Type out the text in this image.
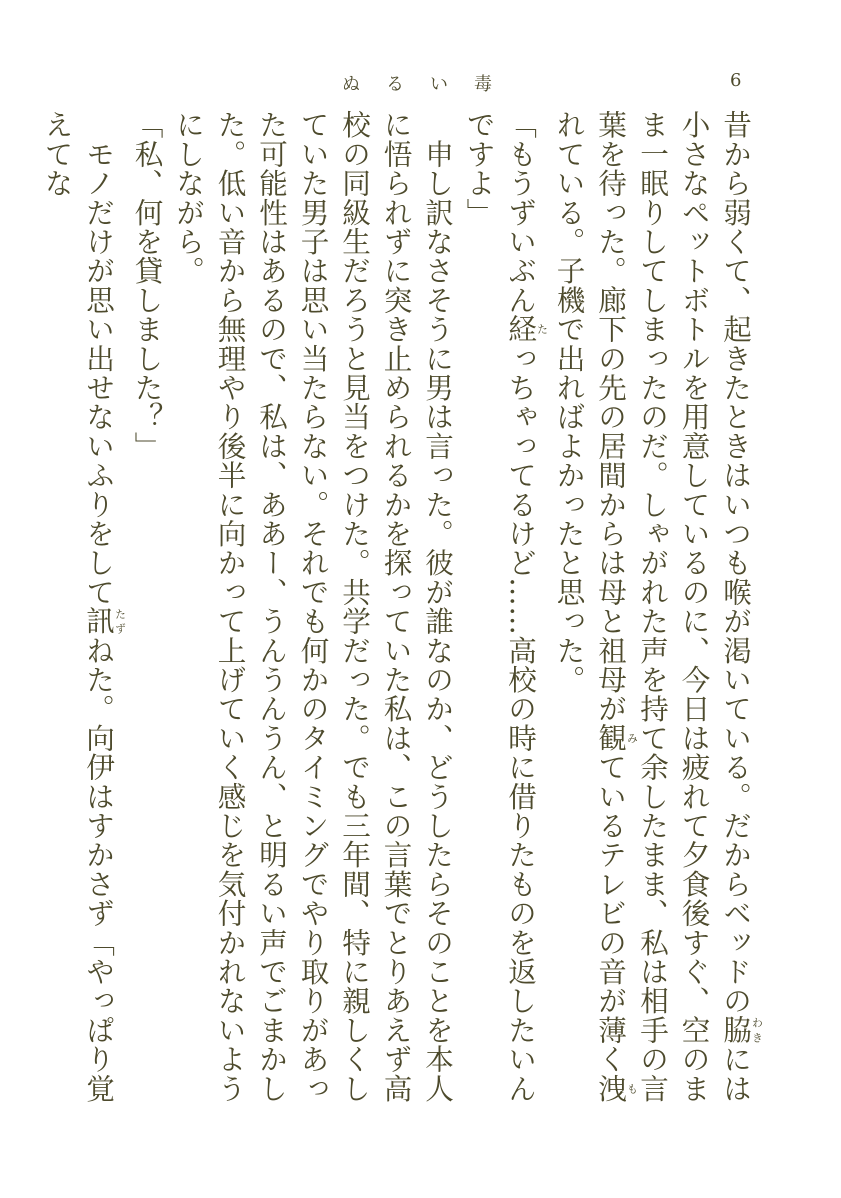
ぬるい毒	6

昔から弱くて、起きたときはいつも喉が渇いている。だからベッドの脇わきには小さなペットボトルを用意しているのに、今日は疲れて夕食後すぐ、空のまま一眠りしてしまったのだ。しゃがれた声を持て余したまま、私は相手の言葉を待った。廊下の先の居間からは母と祖母が観みているテレビの音が薄く洩もれている。子機で出ればよかったと思った。

「もうずいぶん経たっちゃってるけど……高校の時に借りたものを返したいんですよ」

　申し訳なさそうに男は言った。彼が誰なのか、どうしたらそのことを本人に悟られずに突き止められるかを探っていた私は、この言葉でとりあえず高校の同級生だろうと見当をつけた。共学だった。でも三年間、特に親しくしていた男子は思い当たらない。それでも何かのタイミングでやり取りがあった可能性はあるので、私は、ああー、うんうんうん、と明るい声でごまかした。低い音から無理やり後半に向かって上げていく感じを気付かれないようにしながら。

「私、何を貸しました？」

　モノだけが思い出せないふりをして訊たずねた。向伊はすかさず「やっぱり覚えてな
